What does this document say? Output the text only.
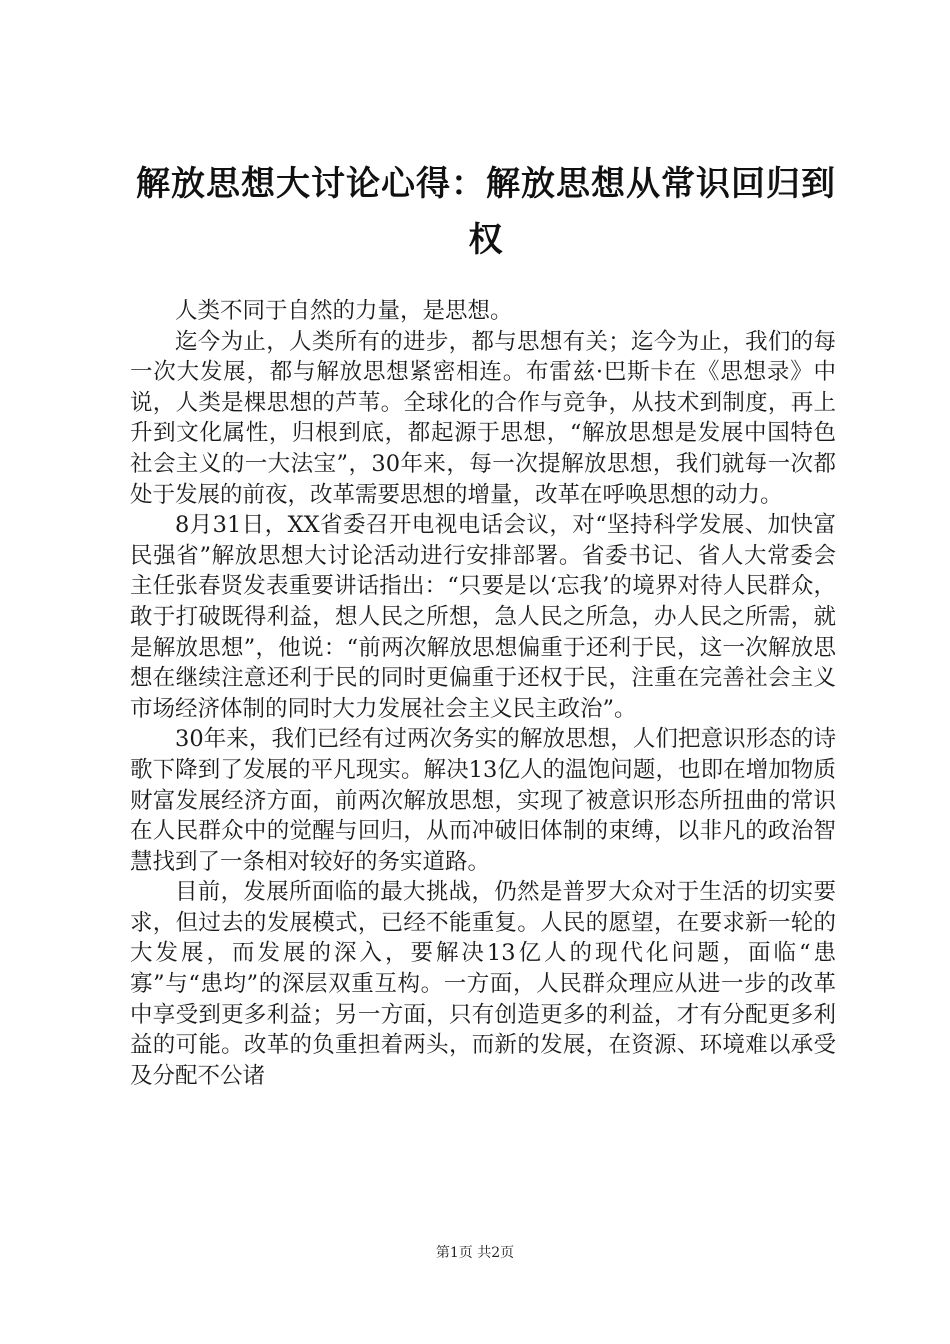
解放思想大讨论心得：解放思想从常识回归到权

人类不同于自然的力量，是思想。

迄今为止，人类所有的进步，都与思想有关；迄今为止，我们的每一次大发展，都与解放思想紧密相连。布雷兹·巴斯卡在《思想录》中说，人类是棵思想的芦苇。全球化的合作与竞争，从技术到制度，再上升到文化属性，归根到底，都起源于思想，“解放思想是发展中国特色社会主义的一大法宝”，30年来，每一次提解放思想，我们就每一次都处于发展的前夜，改革需要思想的增量，改革在呼唤思想的动力。

8月31日，XX省委召开电视电话会议，对“坚持科学发展、加快富民强省”解放思想大讨论活动进行安排部署。省委书记、省人大常委会主任张春贤发表重要讲话指出：“只要是以‘忘我’的境界对待人民群众，敢于打破既得利益，想人民之所想，急人民之所急，办人民之所需，就是解放思想”，他说：“前两次解放思想偏重于还利于民，这一次解放思想在继续注意还利于民的同时更偏重于还权于民，注重在完善社会主义市场经济体制的同时大力发展社会主义民主政治”。

30年来，我们已经有过两次务实的解放思想，人们把意识形态的诗歌下降到了发展的平凡现实。解决13亿人的温饱问题，也即在增加物质财富发展经济方面，前两次解放思想，实现了被意识形态所扭曲的常识在人民群众中的觉醒与回归，从而冲破旧体制的束缚，以非凡的政治智慧找到了一条相对较好的务实道路。

目前，发展所面临的最大挑战，仍然是普罗大众对于生活的切实要求，但过去的发展模式，已经不能重复。人民的愿望，在要求新一轮的大发展，而发展的深入，要解决13亿人的现代化问题，面临“患寡”与“患均”的深层双重互构。一方面，人民群众理应从进一步的改革中享受到更多利益；另一方面，只有创造更多的利益，才有分配更多利益的可能。改革的负重担着两头，而新的发展，在资源、环境难以承受及分配不公诸

第1页 共2页
